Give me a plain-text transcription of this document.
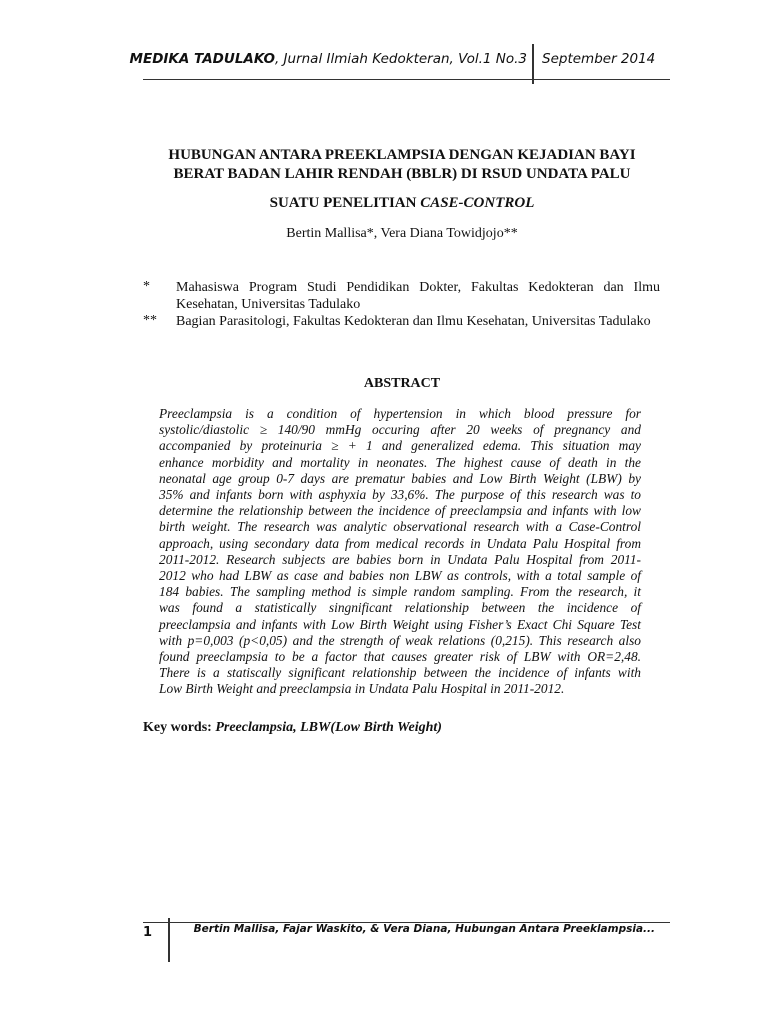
MEDIKA TADULAKO, Jurnal Ilmiah Kedokteran, Vol.1 No.3 September 2014
HUBUNGAN ANTARA PREEKLAMPSIA DENGAN KEJADIAN BAYI
BERAT BADAN LAHIR RENDAH (BBLR) DI RSUD UNDATA PALU
SUATU PENELITIAN CASE-CONTROL
Bertin Mallisa*, Vera Diana Towidjojo**
* Mahasiswa Program Studi Pendidikan Dokter, Fakultas Kedokteran dan Ilmu
Kesehatan, Universitas Tadulako
** Bagian Parasitologi, Fakultas Kedokteran dan Ilmu Kesehatan, Universitas Tadulako
ABSTRACT
Preeclampsia is a condition of hypertension in which blood pressure for
systolic/diastolic ≥ 140/90 mmHg occuring after 20 weeks of pregnancy and
accompanied by proteinuria ≥ + 1 and generalized edema. This situation may
enhance morbidity and mortality in neonates. The highest cause of death in the
neonatal age group 0-7 days are prematur babies and Low Birth Weight (LBW) by
35% and infants born with asphyxia by 33,6%. The purpose of this research was to
determine the relationship between the incidence of preeclampsia and infants with low
birth weight. The research was analytic observational research with a Case-Control
approach, using secondary data from medical records in Undata Palu Hospital from
2011-2012. Research subjects are babies born in Undata Palu Hospital from 2011-
2012 who had LBW as case and babies non LBW as controls, with a total sample of
184 babies. The sampling method is simple random sampling. From the research, it
was found a statistically singnificant relationship between the incidence of
preeclampsia and infants with Low Birth Weight using Fisher’s Exact Chi Square Test
with p=0,003 (p<0,05) and the strength of weak relations (0,215). This research also
found preeclampsia to be a factor that causes greater risk of LBW with OR=2,48.
There is a statiscally significant relationship between the incidence of infants with
Low Birth Weight and preeclampsia in Undata Palu Hospital in 2011-2012.
Key words: Preeclampsia, LBW(Low Birth Weight)
1	Bertin Mallisa, Fajar Waskito, & Vera Diana, Hubungan Antara Preeklampsia...
